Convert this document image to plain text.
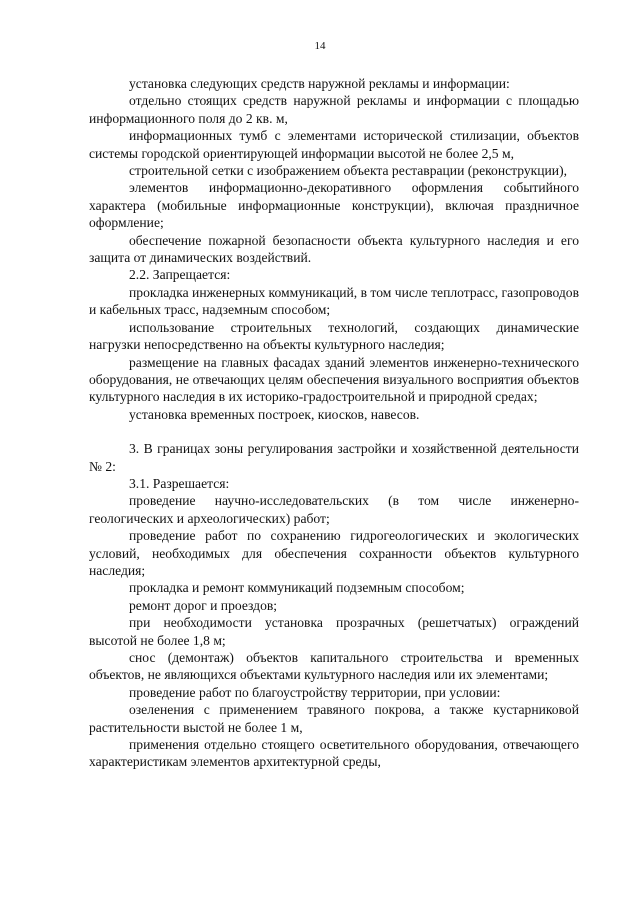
14

установка следующих средств наружной рекламы и информации:

отдельно стоящих средств наружной рекламы и информации с площадью информационного поля до 2 кв. м,

информационных тумб с элементами исторической стилизации, объектов системы городской ориентирующей информации высотой не более 2,5 м,

строительной сетки с изображением объекта реставрации (реконструкции),

элементов информационно-декоративного оформления событийного характера (мобильные информационные конструкции), включая праздничное оформление;

обеспечение пожарной безопасности объекта культурного наследия и его защита от динамических воздействий.

2.2. Запрещается:

прокладка инженерных коммуникаций, в том числе теплотрасс, газопроводов и кабельных трасс, надземным способом;

использование строительных технологий, создающих динамические нагрузки непосредственно на объекты культурного наследия;

размещение на главных фасадах зданий элементов инженерно-технического оборудования, не отвечающих целям обеспечения визуального восприятия объектов культурного наследия в их историко-градостроительной и природной средах;

установка временных построек, киосков, навесов.

3. В границах зоны регулирования застройки и хозяйственной деятельности № 2:

3.1. Разрешается:

проведение научно-исследовательских (в том числе инженерно-геологических и археологических) работ;

проведение работ по сохранению гидрогеологических и экологических условий, необходимых для обеспечения сохранности объектов культурного наследия;

прокладка и ремонт коммуникаций подземным способом;

ремонт дорог и проездов;

при необходимости установка прозрачных (решетчатых) ограждений высотой не более 1,8 м;

снос (демонтаж) объектов капитального строительства и временных объектов, не являющихся объектами культурного наследия или их элементами;

проведение работ по благоустройству территории, при условии:

озеленения с применением травяного покрова, а также кустарниковой растительности выстой не более 1 м,

применения отдельно стоящего осветительного оборудования, отвечающего характеристикам элементов архитектурной среды,
